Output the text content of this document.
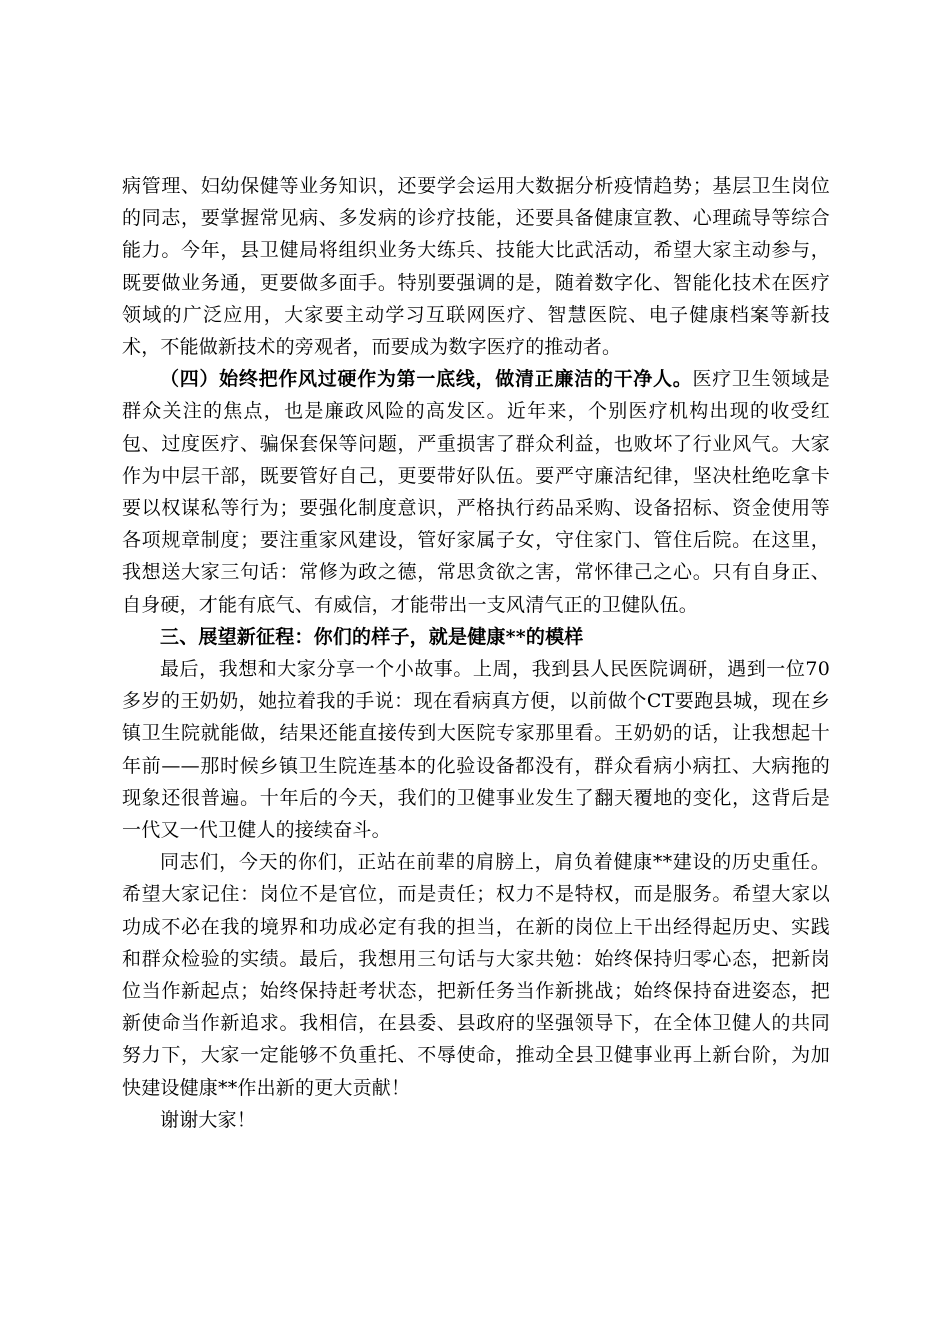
病管理、妇幼保健等业务知识，还要学会运用大数据分析疫情趋势；基层卫生岗位的同志，要掌握常见病、多发病的诊疗技能，还要具备健康宣教、心理疏导等综合能力。今年，县卫健局将组织业务大练兵、技能大比武活动，希望大家主动参与，既要做业务通，更要做多面手。特别要强调的是，随着数字化、智能化技术在医疗领域的广泛应用，大家要主动学习互联网医疗、智慧医院、电子健康档案等新技术，不能做新技术的旁观者，而要成为数字医疗的推动者。

（四）始终把作风过硬作为第一底线，做清正廉洁的干净人。医疗卫生领域是群众关注的焦点，也是廉政风险的高发区。近年来，个别医疗机构出现的收受红包、过度医疗、骗保套保等问题，严重损害了群众利益，也败坏了行业风气。大家作为中层干部，既要管好自己，更要带好队伍。要严守廉洁纪律，坚决杜绝吃拿卡要以权谋私等行为；要强化制度意识，严格执行药品采购、设备招标、资金使用等各项规章制度；要注重家风建设，管好家属子女，守住家门、管住后院。在这里，我想送大家三句话：常修为政之德，常思贪欲之害，常怀律己之心。只有自身正、自身硬，才能有底气、有威信，才能带出一支风清气正的卫健队伍。

三、展望新征程：你们的样子，就是健康**的模样

最后，我想和大家分享一个小故事。上周，我到县人民医院调研，遇到一位70多岁的王奶奶，她拉着我的手说：现在看病真方便，以前做个CT要跑县城，现在乡镇卫生院就能做，结果还能直接传到大医院专家那里看。王奶奶的话，让我想起十年前——那时候乡镇卫生院连基本的化验设备都没有，群众看病小病扛、大病拖的现象还很普遍。十年后的今天，我们的卫健事业发生了翻天覆地的变化，这背后是一代又一代卫健人的接续奋斗。

同志们，今天的你们，正站在前辈的肩膀上，肩负着健康**建设的历史重任。希望大家记住：岗位不是官位，而是责任；权力不是特权，而是服务。希望大家以功成不必在我的境界和功成必定有我的担当，在新的岗位上干出经得起历史、实践和群众检验的实绩。最后，我想用三句话与大家共勉：始终保持归零心态，把新岗位当作新起点；始终保持赶考状态，把新任务当作新挑战；始终保持奋进姿态，把新使命当作新追求。我相信，在县委、县政府的坚强领导下，在全体卫健人的共同努力下，大家一定能够不负重托、不辱使命，推动全县卫健事业再上新台阶，为加快建设健康**作出新的更大贡献！

谢谢大家！
